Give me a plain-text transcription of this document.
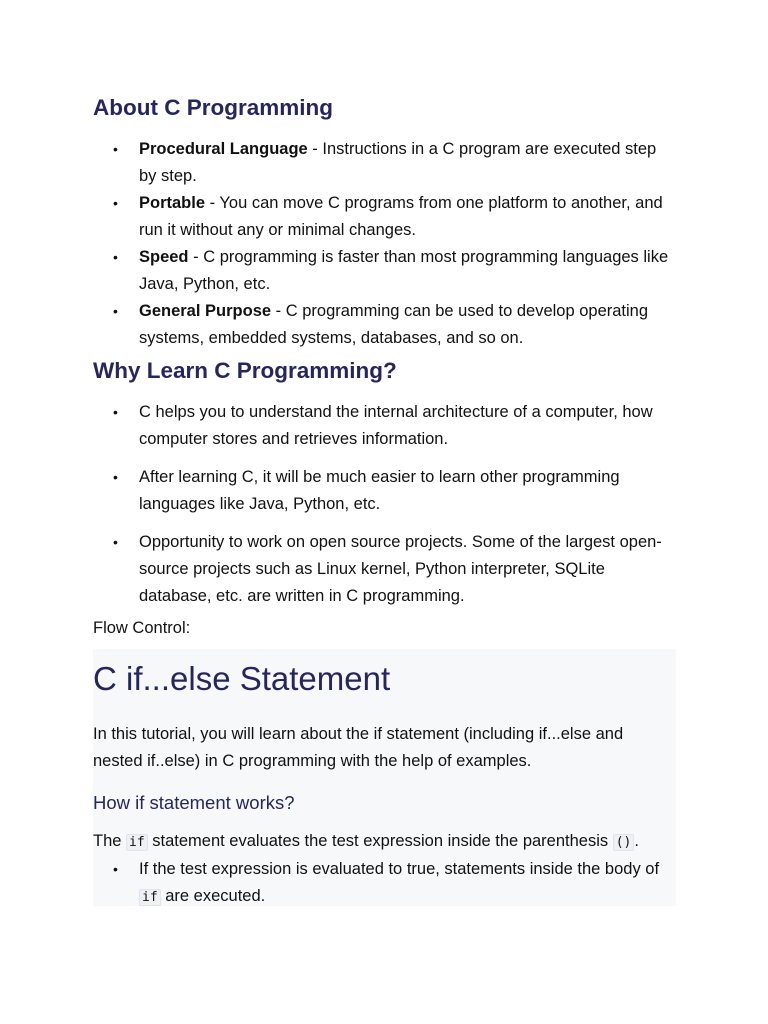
About C Programming
• Procedural Language - Instructions in a C program are executed step by step.
• Portable - You can move C programs from one platform to another, and run it without any or minimal changes.
• Speed - C programming is faster than most programming languages like Java, Python, etc.
• General Purpose - C programming can be used to develop operating systems, embedded systems, databases, and so on.
Why Learn C Programming?
• C helps you to understand the internal architecture of a computer, how computer stores and retrieves information.
• After learning C, it will be much easier to learn other programming languages like Java, Python, etc.
• Opportunity to work on open source projects. Some of the largest open-source projects such as Linux kernel, Python interpreter, SQLite database, etc. are written in C programming.
Flow Control:
C if...else Statement

In this tutorial, you will learn about the if statement (including if...else and nested if..else) in C programming with the help of examples.

How if statement works?

The if statement evaluates the test expression inside the parenthesis () .

• If the test expression is evaluated to true, statements inside the body of if are executed.
